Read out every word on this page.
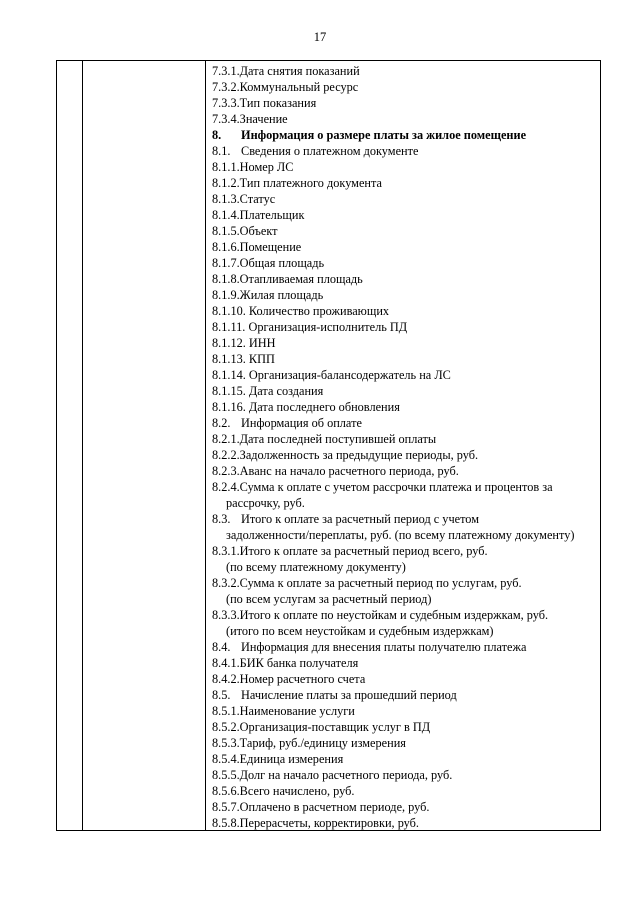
17
7.3.1.Дата снятия показаний
7.3.2.Коммунальный ресурс
7.3.3.Тип показания
7.3.4.Значение
8. Информация о размере платы за жилое помещение
8.1. Сведения о платежном документе
8.1.1.Номер ЛС
8.1.2.Тип платежного документа
8.1.3.Статус
8.1.4.Плательщик
8.1.5.Объект
8.1.6.Помещение
8.1.7.Общая площадь
8.1.8.Отапливаемая площадь
8.1.9.Жилая площадь
8.1.10. Количество проживающих
8.1.11. Организация-исполнитель ПД
8.1.12. ИНН
8.1.13. КПП
8.1.14. Организация-балансодержатель на ЛС
8.1.15. Дата создания
8.1.16. Дата последнего обновления
8.2. Информация об оплате
8.2.1.Дата последней поступившей оплаты
8.2.2.Задолженность за предыдущие периоды, руб.
8.2.3.Аванс на начало расчетного периода, руб.
8.2.4.Сумма к оплате с учетом рассрочки платежа и процентов за
рассрочку, руб.
8.3. Итого к оплате за расчетный период с учетом
задолженности/переплаты, руб. (по всему платежному документу)
8.3.1.Итого к оплате за расчетный период всего, руб.
(по всему платежному документу)
8.3.2.Сумма к оплате за расчетный период по услугам, руб.
(по всем услугам за расчетный период)
8.3.3.Итого к оплате по неустойкам и судебным издержкам, руб.
(итого по всем неустойкам и судебным издержкам)
8.4. Информация для внесения платы получателю платежа
8.4.1.БИК банка получателя
8.4.2.Номер расчетного счета
8.5. Начисление платы за прошедший период
8.5.1.Наименование услуги
8.5.2.Организация-поставщик услуг в ПД
8.5.3.Тариф, руб./единицу измерения
8.5.4.Единица измерения
8.5.5.Долг на начало расчетного периода, руб.
8.5.6.Всего начислено, руб.
8.5.7.Оплачено в расчетном периоде, руб.
8.5.8.Перерасчеты, корректировки, руб.
